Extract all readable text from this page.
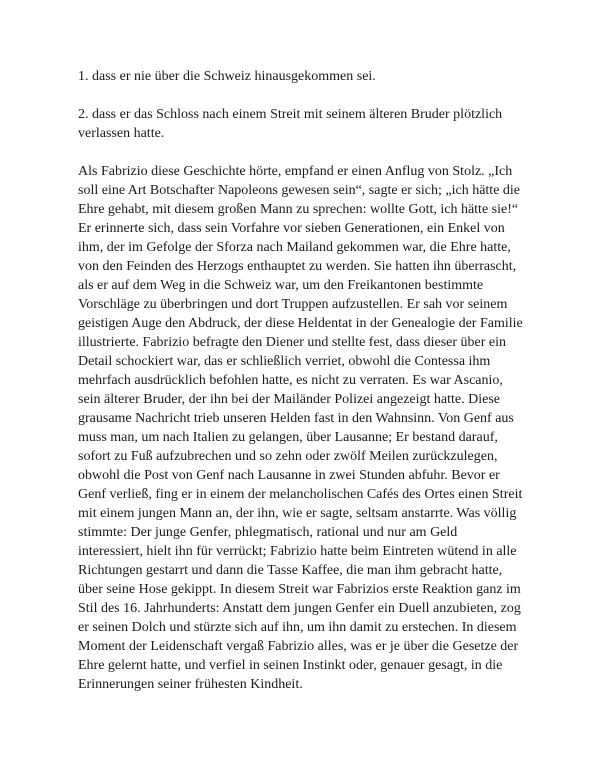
1. dass er nie über die Schweiz hinausgekommen sei.

2. dass er das Schloss nach einem Streit mit seinem älteren Bruder plötzlich verlassen hatte.

Als Fabrizio diese Geschichte hörte, empfand er einen Anflug von Stolz. „Ich soll eine Art Botschafter Napoleons gewesen sein“, sagte er sich; „ich hätte die Ehre gehabt, mit diesem großen Mann zu sprechen: wollte Gott, ich hätte sie!“ Er erinnerte sich, dass sein Vorfahre vor sieben Generationen, ein Enkel von ihm, der im Gefolge der Sforza nach Mailand gekommen war, die Ehre hatte, von den Feinden des Herzogs enthauptet zu werden. Sie hatten ihn überrascht, als er auf dem Weg in die Schweiz war, um den Freikantonen bestimmte Vorschläge zu überbringen und dort Truppen aufzustellen. Er sah vor seinem geistigen Auge den Abdruck, der diese Heldentat in der Genealogie der Familie illustrierte. Fabrizio befragte den Diener und stellte fest, dass dieser über ein Detail schockiert war, das er schließlich verriet, obwohl die Contessa ihm mehrfach ausdrücklich befohlen hatte, es nicht zu verraten. Es war Ascanio, sein älterer Bruder, der ihn bei der Mailänder Polizei angezeigt hatte. Diese grausame Nachricht trieb unseren Helden fast in den Wahnsinn. Von Genf aus muss man, um nach Italien zu gelangen, über Lausanne; Er bestand darauf, sofort zu Fuß aufzubrechen und so zehn oder zwölf Meilen zurückzulegen, obwohl die Post von Genf nach Lausanne in zwei Stunden abfuhr. Bevor er Genf verließ, fing er in einem der melancholischen Cafés des Ortes einen Streit mit einem jungen Mann an, der ihn, wie er sagte, seltsam anstarrte. Was völlig stimmte: Der junge Genfer, phlegmatisch, rational und nur am Geld interessiert, hielt ihn für verrückt; Fabrizio hatte beim Eintreten wütend in alle Richtungen gestarrt und dann die Tasse Kaffee, die man ihm gebracht hatte, über seine Hose gekippt. In diesem Streit war Fabrizios erste Reaktion ganz im Stil des 16. Jahrhunderts: Anstatt dem jungen Genfer ein Duell anzubieten, zog er seinen Dolch und stürzte sich auf ihn, um ihn damit zu erstechen. In diesem Moment der Leidenschaft vergaß Fabrizio alles, was er je über die Gesetze der Ehre gelernt hatte, und verfiel in seinen Instinkt oder, genauer gesagt, in die Erinnerungen seiner frühesten Kindheit.
